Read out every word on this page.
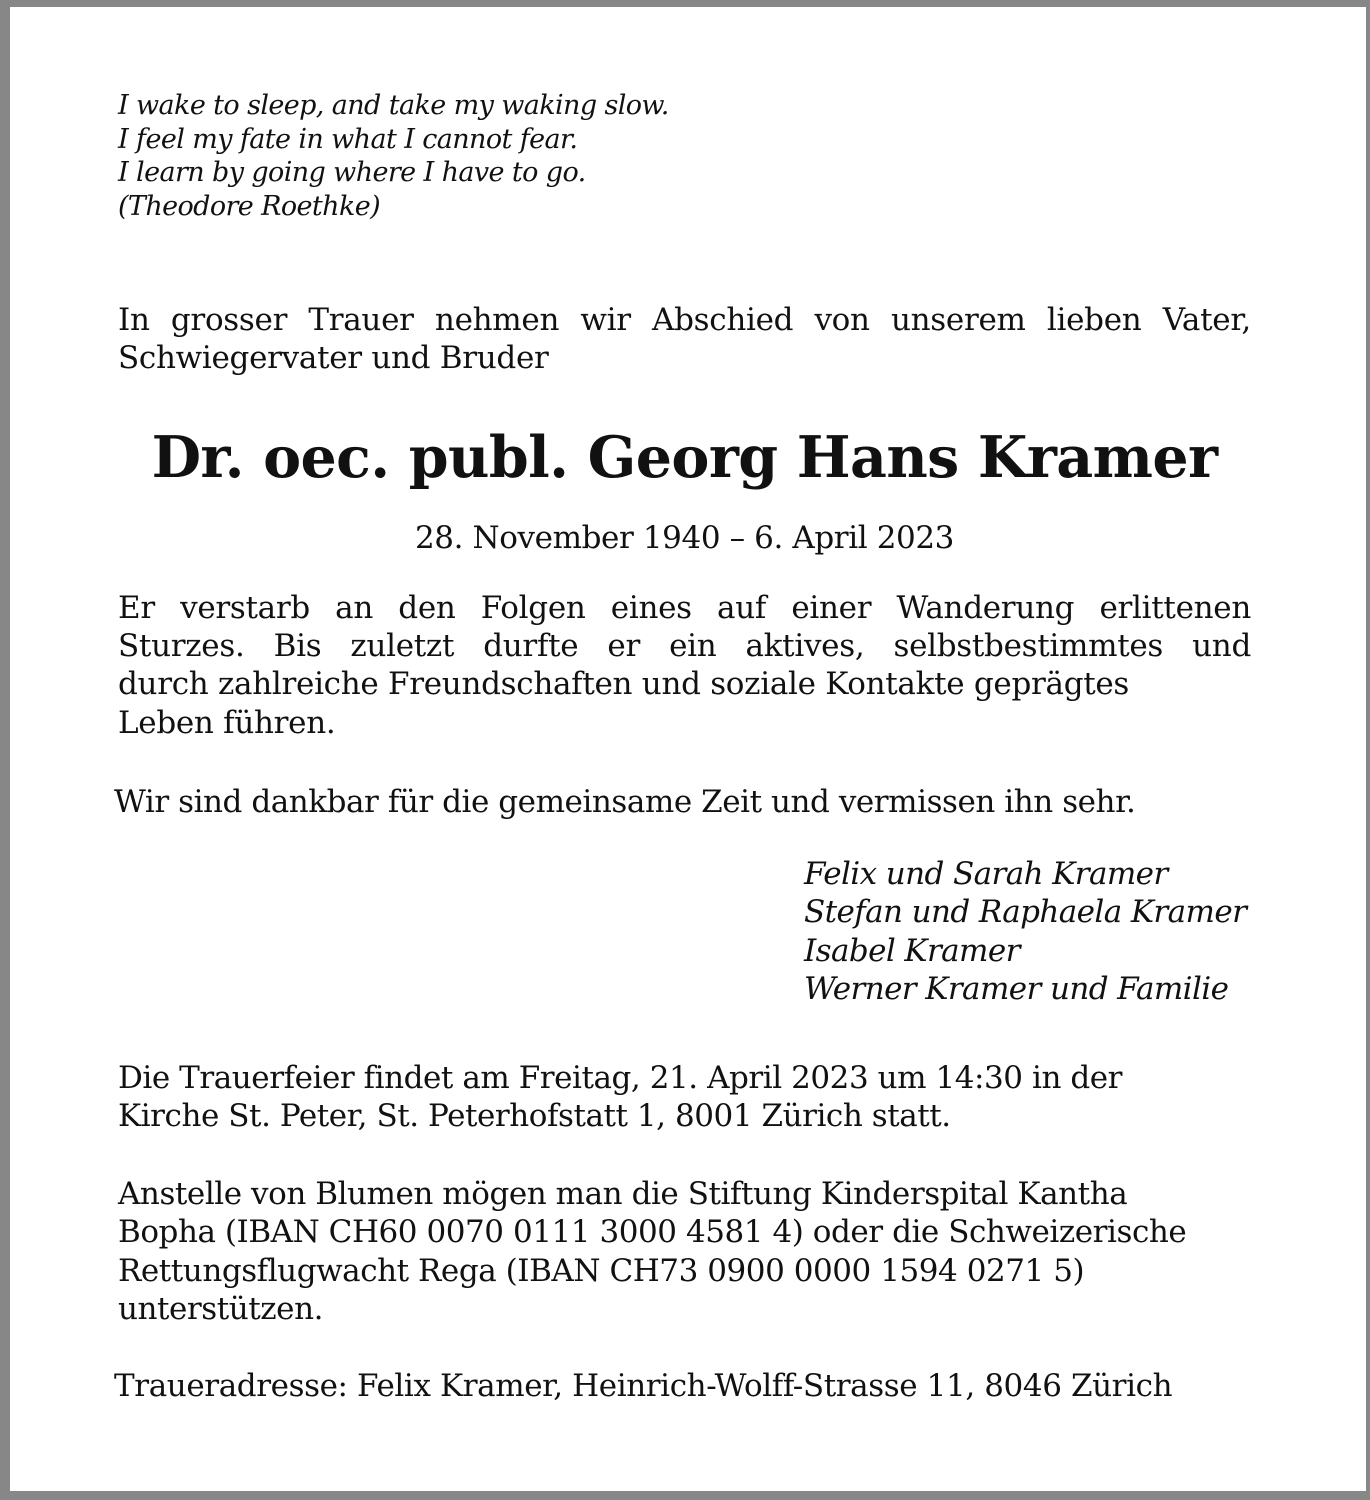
I wake to sleep, and take my waking slow.
I feel my fate in what I cannot fear.
I learn by going where I have to go.
(Theodore Roethke)
In grosser Trauer nehmen wir Abschied von unserem lieben Vater,
Schwiegervater und Bruder
Dr. oec. publ. Georg Hans Kramer
28. November 1940 – 6. April 2023
Er verstarb an den Folgen eines auf einer Wanderung erlittenen
Sturzes. Bis zuletzt durfte er ein aktives, selbstbestimmtes und
durch zahlreiche Freundschaften und soziale Kontakte geprägtes
Leben führen.
Wir sind dankbar für die gemeinsame Zeit und vermissen ihn sehr.
Felix und Sarah Kramer
Stefan und Raphaela Kramer
Isabel Kramer
Werner Kramer und Familie
Die Trauerfeier findet am Freitag, 21. April 2023 um 14:30 in der
Kirche St. Peter, St. Peterhofstatt 1, 8001 Zürich statt.
Anstelle von Blumen mögen man die Stiftung Kinderspital Kantha
Bopha (IBAN CH60 0070 0111 3000 4581 4) oder die Schweizerische
Rettungsflugwacht Rega (IBAN CH73 0900 0000 1594 0271 5)
unterstützen.
Traueradresse: Felix Kramer, Heinrich-Wolff-Strasse 11, 8046 Zürich
